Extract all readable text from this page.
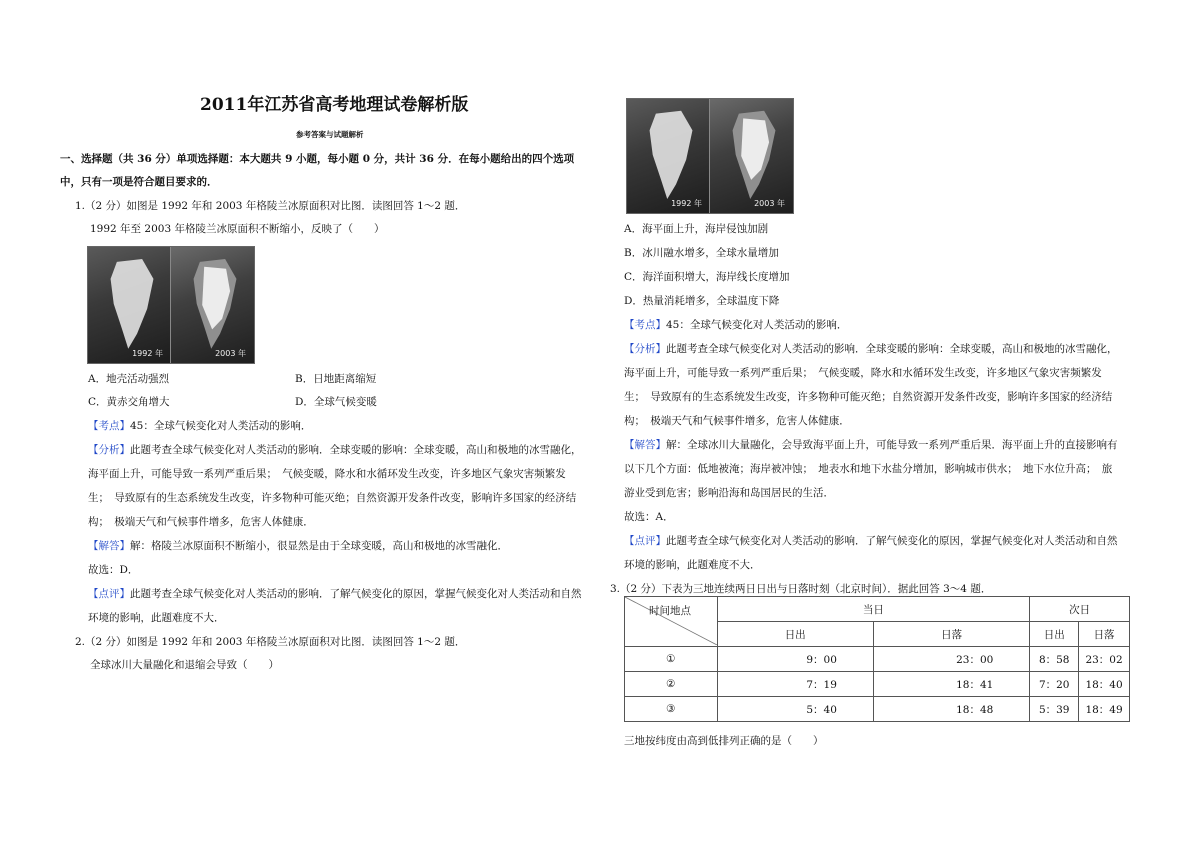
2011年江苏省高考地理试卷解析版
参考答案与试题解析
一、选择题（共 36 分）单项选择题：本大题共 9 小题，每小题 0 分，共计 36 分．在每小题给出的四个选项
中，只有一项是符合题目要求的．
1.（2 分）如图是 1992 年和 2003 年格陵兰冰原面积对比图．读图回答 1～2 题．
1992 年至 2003 年格陵兰冰原面积不断缩小，反映了（　　）
1992 年	2003 年
A．地壳活动强烈	B．日地距离缩短
C．黄赤交角增大	D．全球气候变暖
【考点】45：全球气候变化对人类活动的影响．
【分析】此题考查全球气候变化对人类活动的影响．全球变暖的影响：全球变暖，高山和极地的冰雪融化，
海平面上升，可能导致一系列严重后果；　气候变暖，降水和水循环发生改变，许多地区气象灾害频繁发
生；　导致原有的生态系统发生改变，许多物种可能灭绝；自然资源开发条件改变，影响许多国家的经济结
构；　极端天气和气候事件增多，危害人体健康．
【解答】解：格陵兰冰原面积不断缩小，很显然是由于全球变暖，高山和极地的冰雪融化．
故选：D．
【点评】此题考查全球气候变化对人类活动的影响．了解气候变化的原因，掌握气候变化对人类活动和自然
环境的影响，此题难度不大．
2.（2 分）如图是 1992 年和 2003 年格陵兰冰原面积对比图．读图回答 1～2 题．
全球冰川大量融化和退缩会导致（　　）
1992 年	2003 年
A．海平面上升，海岸侵蚀加剧
B．冰川融水增多，全球水量增加
C．海洋面积增大，海岸线长度增加
D．热量消耗增多，全球温度下降
【考点】45：全球气候变化对人类活动的影响．
【分析】此题考查全球气候变化对人类活动的影响．全球变暖的影响：全球变暖，高山和极地的冰雪融化，
海平面上升，可能导致一系列严重后果；　气候变暖，降水和水循环发生改变，许多地区气象灾害频繁发
生；　导致原有的生态系统发生改变，许多物种可能灭绝；自然资源开发条件改变，影响许多国家的经济结
构；　极端天气和气候事件增多，危害人体健康．
【解答】解：全球冰川大量融化，会导致海平面上升，可能导致一系列严重后果．海平面上升的直接影响有
以下几个方面：低地被淹；海岸被冲蚀；　地表水和地下水盐分增加，影响城市供水；　地下水位升高；　旅
游业受到危害；影响沿海和岛国居民的生活．
故选：A．
【点评】此题考查全球气候变化对人类活动的影响．了解气候变化的原因，掌握气候变化对人类活动和自然
环境的影响，此题难度不大．
3.（2 分）下表为三地连续两日日出与日落时刻（北京时间）．据此回答 3～4 题．
时间地点	当日		次日	
	日出	日落	日出	日落
①	9：00	23：00	8：58	23：02
②	7：19	18：41	7：20	18：40
③	5：40	18：48	5：39	18：49
三地按纬度由高到低排列正确的是（　　）
